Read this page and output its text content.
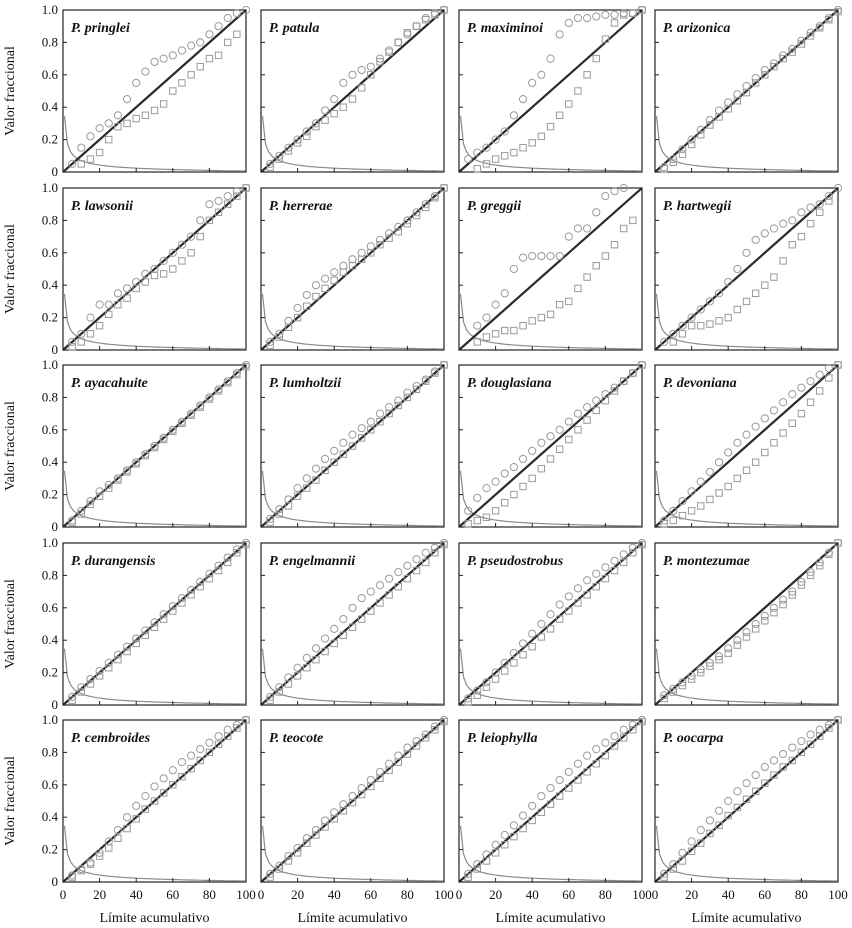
P. pringlei
0
0.2
0.4
0.6
0.8
1.0
Valor fraccional
P. patula	P. maximinoi	P. arizonica
P. lawsonii
0
0.2
0.4
0.6
0.8
1.0
Valor fraccional
P. herrerae	P. greggii	P. hartwegii
P. ayacahuite
0
0.2
0.4
0.6
0.8
1.0
Valor fraccional
P. lumholtzii	P. douglasiana	P. devoniana
P. durangensis
0
0.2
0.4
0.6
0.8
1.0
Valor fraccional
P. engelmannii	P. pseudostrobus	P. montezumae
P. cembroides
0
0.2
0.4
0.6
0.8
1.0
20 40 60 80 100
0
Valor fraccional
Límite acumulativo
P. teocote
20 40 60 80 100
0
Límite acumulativo
P. leiophylla
20 40 60 80 100
0
Límite acumulativo
P. oocarpa
20 40 60 80 100
0
Límite acumulativo
